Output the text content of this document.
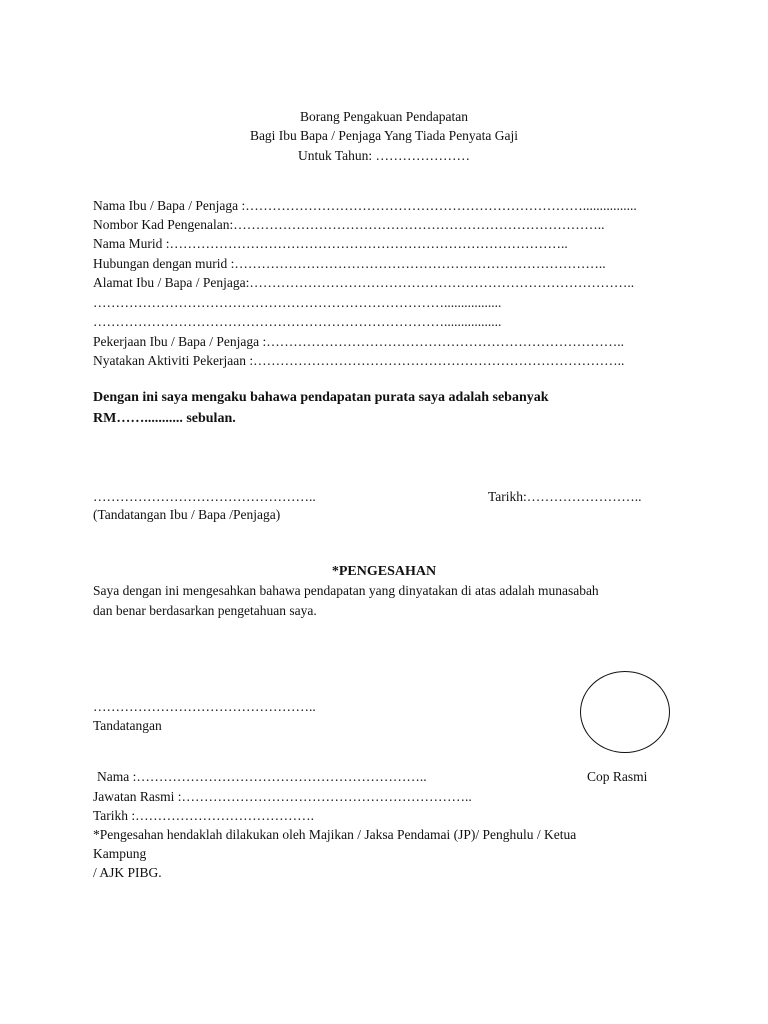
Borang Pengakuan Pendapatan
Bagi Ibu Bapa / Penjaga Yang Tiada Penyata Gaji
Untuk Tahun: …………………
Nama Ibu / Bapa / Penjaga :…………………………………………………………………................
Nombor Kad Pengenalan:………………………………………………………………………..
Nama Murid :……………………………………………………………………………..
Hubungan dengan murid :………………………………………………………………………..
Alamat Ibu / Bapa / Penjaga:…………………………………………………………………………..
…………………………………………………………………….................
…………………………………………………………………….................
Pekerjaan Ibu / Bapa / Penjaga :……………………………………………………………………..
Nyatakan Aktiviti Pekerjaan :………………………………………………………………………..
Dengan ini saya mengaku bahawa pendapatan purata saya adalah sebanyak
RM……........... sebulan.
…………………………………………..	Tarikh:……………………..
(Tandatangan Ibu / Bapa /Penjaga)
*PENGESAHAN
Saya dengan ini mengesahkan bahawa pendapatan yang dinyatakan di atas adalah munasabah
dan benar berdasarkan pengetahuan saya.
…………………………………………..
Tandatangan
Nama :………………………………………………………..	Cop Rasmi
Jawatan Rasmi :………………………………………………………..
Tarikh :………………………………….
*Pengesahan hendaklah dilakukan oleh Majikan / Jaksa Pendamai (JP)/ Penghulu / Ketua
Kampung
/ AJK PIBG.
